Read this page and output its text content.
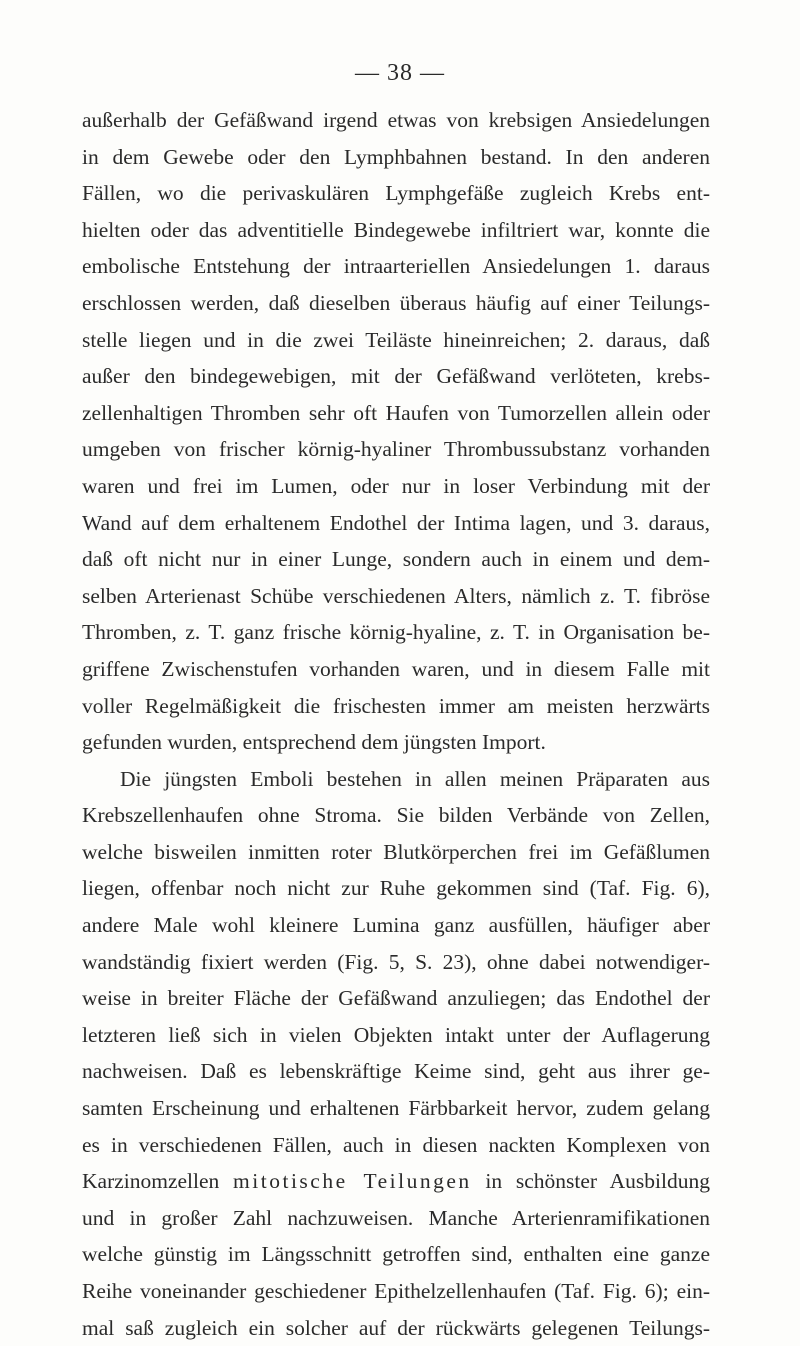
— 38 —
außerhalb der Gefäßwand irgend etwas von krebsigen Ansiedelungen
in dem Gewebe oder den Lymphbahnen bestand. In den anderen
Fällen, wo die perivaskulären Lymphgefäße zugleich Krebs ent-
hielten oder das adventitielle Bindegewebe infiltriert war, konnte die
embolische Entstehung der intraarteriellen Ansiedelungen 1. daraus
erschlossen werden, daß dieselben überaus häufig auf einer Teilungs-
stelle liegen und in die zwei Teiläste hineinreichen; 2. daraus, daß
außer den bindegewebigen, mit der Gefäßwand verlöteten, krebs-
zellenhaltigen Thromben sehr oft Haufen von Tumorzellen allein oder
umgeben von frischer körnig-hyaliner Thrombussubstanz vorhanden
waren und frei im Lumen, oder nur in loser Verbindung mit der
Wand auf dem erhaltenem Endothel der Intima lagen, und 3. daraus,
daß oft nicht nur in einer Lunge, sondern auch in einem und dem-
selben Arterienast Schübe verschiedenen Alters, nämlich z. T. fibröse
Thromben, z. T. ganz frische körnig-hyaline, z. T. in Organisation be-
griffene Zwischenstufen vorhanden waren, und in diesem Falle mit
voller Regelmäßigkeit die frischesten immer am meisten herzwärts
gefunden wurden, entsprechend dem jüngsten Import.
Die jüngsten Emboli bestehen in allen meinen Präparaten aus
Krebszellenhaufen ohne Stroma. Sie bilden Verbände von Zellen,
welche bisweilen inmitten roter Blutkörperchen frei im Gefäßlumen
liegen, offenbar noch nicht zur Ruhe gekommen sind (Taf. Fig. 6),
andere Male wohl kleinere Lumina ganz ausfüllen, häufiger aber
wandständig fixiert werden (Fig. 5, S. 23), ohne dabei notwendiger-
weise in breiter Fläche der Gefäßwand anzuliegen; das Endothel der
letzteren ließ sich in vielen Objekten intakt unter der Auflagerung
nachweisen. Daß es lebenskräftige Keime sind, geht aus ihrer ge-
samten Erscheinung und erhaltenen Färbbarkeit hervor, zudem gelang
es in verschiedenen Fällen, auch in diesen nackten Komplexen von
Karzinomzellen mitotische Teilungen in schönster Ausbildung
und in großer Zahl nachzuweisen. Manche Arterienramifikationen
welche günstig im Längsschnitt getroffen sind, enthalten eine ganze
Reihe voneinander geschiedener Epithelzellenhaufen (Taf. Fig. 6); ein-
mal saß zugleich ein solcher auf der rückwärts gelegenen Teilungs-
